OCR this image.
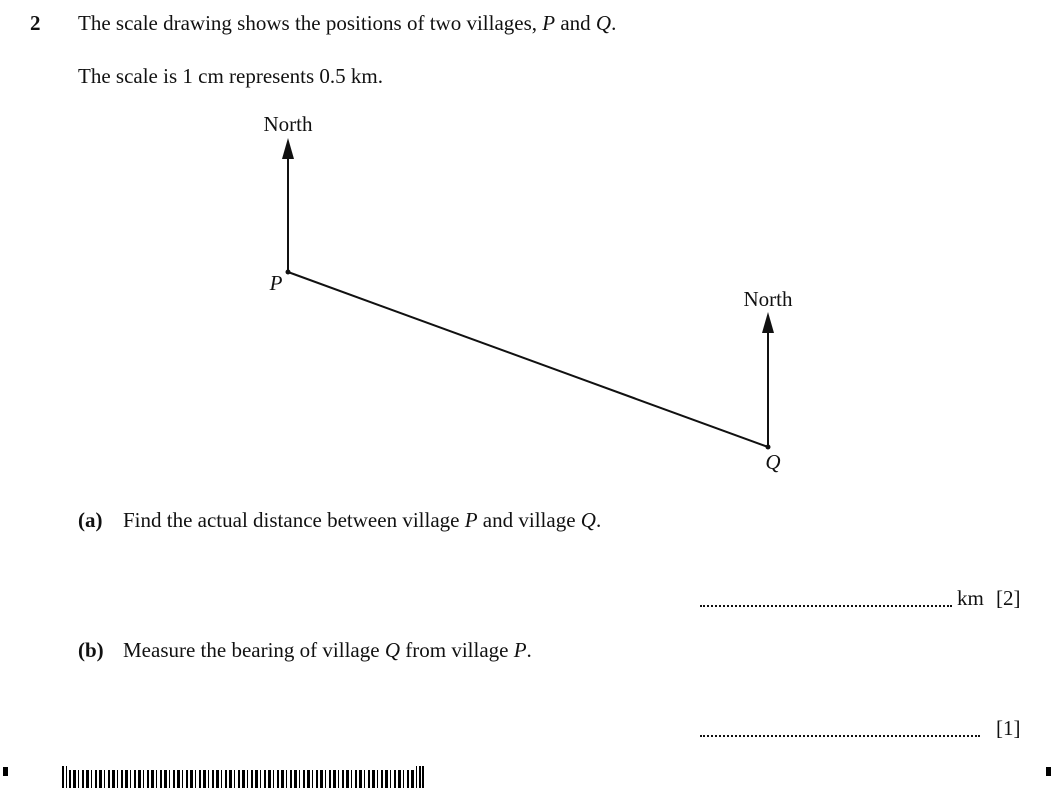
2 The scale drawing shows the positions of two villages, P and Q.
The scale is 1 cm represents 0.5 km.
North
North
P
Q
(a) Find the actual distance between village P and village Q.
km [2]
(b) Measure the bearing of village Q from village P.
[1]
